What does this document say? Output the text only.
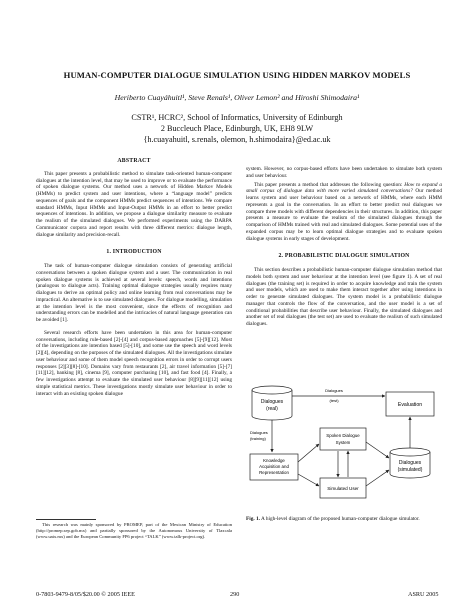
HUMAN-COMPUTER DIALOGUE SIMULATION USING HIDDEN MARKOV MODELS
Heriberto Cuayáhuitl¹, Steve Renals¹, Oliver Lemon² and Hiroshi Shimodaira¹
CSTR¹, HCRC², School of Informatics, University of Edinburgh
2 Buccleuch Place, Edinburgh, UK, EH8 9LW
{h.cuayahuitl, s.renals, olemon, h.shimodaira}@ed.ac.uk
ABSTRACT

This paper presents a probabilistic method to simulate task-oriented human-computer dialogues at the intention level, that may be used to improve or to evaluate the performance of spoken dialogue systems. Our method uses a network of Hidden Markov Models (HMMs) to predict system and user intentions, where a “language model” predicts sequences of goals and the component HMMs predict sequences of intentions. We compare standard HMMs, Input HMMs and Input-Output HMMs in an effort to better predict sequences of intentions. In addition, we propose a dialogue similarity measure to evaluate the realism of the simulated dialogues. We performed experiments using the DARPA Communicator corpora and report results with three different metrics: dialogue length, dialogue similarity and precision-recall.

1. INTRODUCTION

The task of human-computer dialogue simulation consists of generating artificial conversations between a spoken dialogue system and a user. The communication in real spoken dialogue systems is achieved at several levels: speech, words and intentions (analogous to dialogue acts). Training optimal dialogue strategies usually requires many dialogues to derive an optimal policy and online learning from real conversations may be impractical. An alternative is to use simulated dialogues. For dialogue modelling, simulation at the intention level is the most convenient, since the effects of recognition and understanding errors can be modelled and the intricacies of natural language generation can be avoided [1].

Several research efforts have been undertaken in this area for human-computer conversations, including rule-based [2]-[4] and corpus-based approaches [5]-[9][12]. Most of the investigations are intention based [5]-[10], and some use the speech and word levels [2][4], depending on the purposes of the simulated dialogues. All the investigations simulate user behaviour and some of them model speech recognition errors in order to corrupt users responses [2][3][8]-[10]. Domains vary from restaurants [2], air travel information [5]-[7][11][12], banking [8], cinema [9], computer purchasing [10], and fast food [4]. Finally, a few investigations attempt to evaluate the simulated user behaviour [8][9][11][12] using simple statistical metrics. These investigations mostly simulate user behaviour in order to interact with an existing spoken dialogue

This research was mainly sponsored by PROMEP, part of the Mexican Ministry of Education (http://promep.sep.gob.mx) and partially sponsored by the Autonomous University of Tlaxcala (www.uatx.mx) and the European Community FP6 project “TALK” (www.talk-project.org).

system. However, no corpus-based efforts have been undertaken to simulate both system and user behaviour.

This paper presents a method that addresses the following question: How to expand a small corpus of dialogue data with more varied simulated conversations? Our method learns system and user behaviour based on a network of HMMs, where each HMM represents a goal in the conversation. In an effort to better predict real dialogues we compare three models with different dependencies in their structures. In addition, this paper presents a measure to evaluate the realism of the simulated dialogues through the comparison of HMMs trained with real and simulated dialogues. Some potential uses of the expanded corpus may be to learn optimal dialogue strategies and to evaluate spoken dialogue systems in early stages of development.

2. PROBABILISTIC DIALOGUE SIMULATION

This section describes a probabilistic human-computer dialogue simulation method that models both system and user behaviour at the intention level (see figure 1). A set of real dialogues (the training set) is required in order to acquire knowledge and train the system and user models, which are used to make them interact together after using intentions in order to generate simulated dialogues. The system model is a probabilistic dialogue manager that controls the flow of the conversation, and the user model is a set of conditional probabilities that describe user behaviour. Finally, the simulated dialogues and another set of real dialogues (the test set) are used to evaluate the realism of such simulated dialogues.

Dialogues
(real)
Evaluation
Dialogues
(test)
Dialogues
(training)
Knowledge
Acquisition and
Representation
Spoken Dialogue
System
Simulated User
Dialogues
(simulated)
Fig. 1. A high-level diagram of the proposed human-computer dialogue simulator.
0-7803-9479-8/05/$20.00 © 2005 IEEE	290	ASRU 2005
